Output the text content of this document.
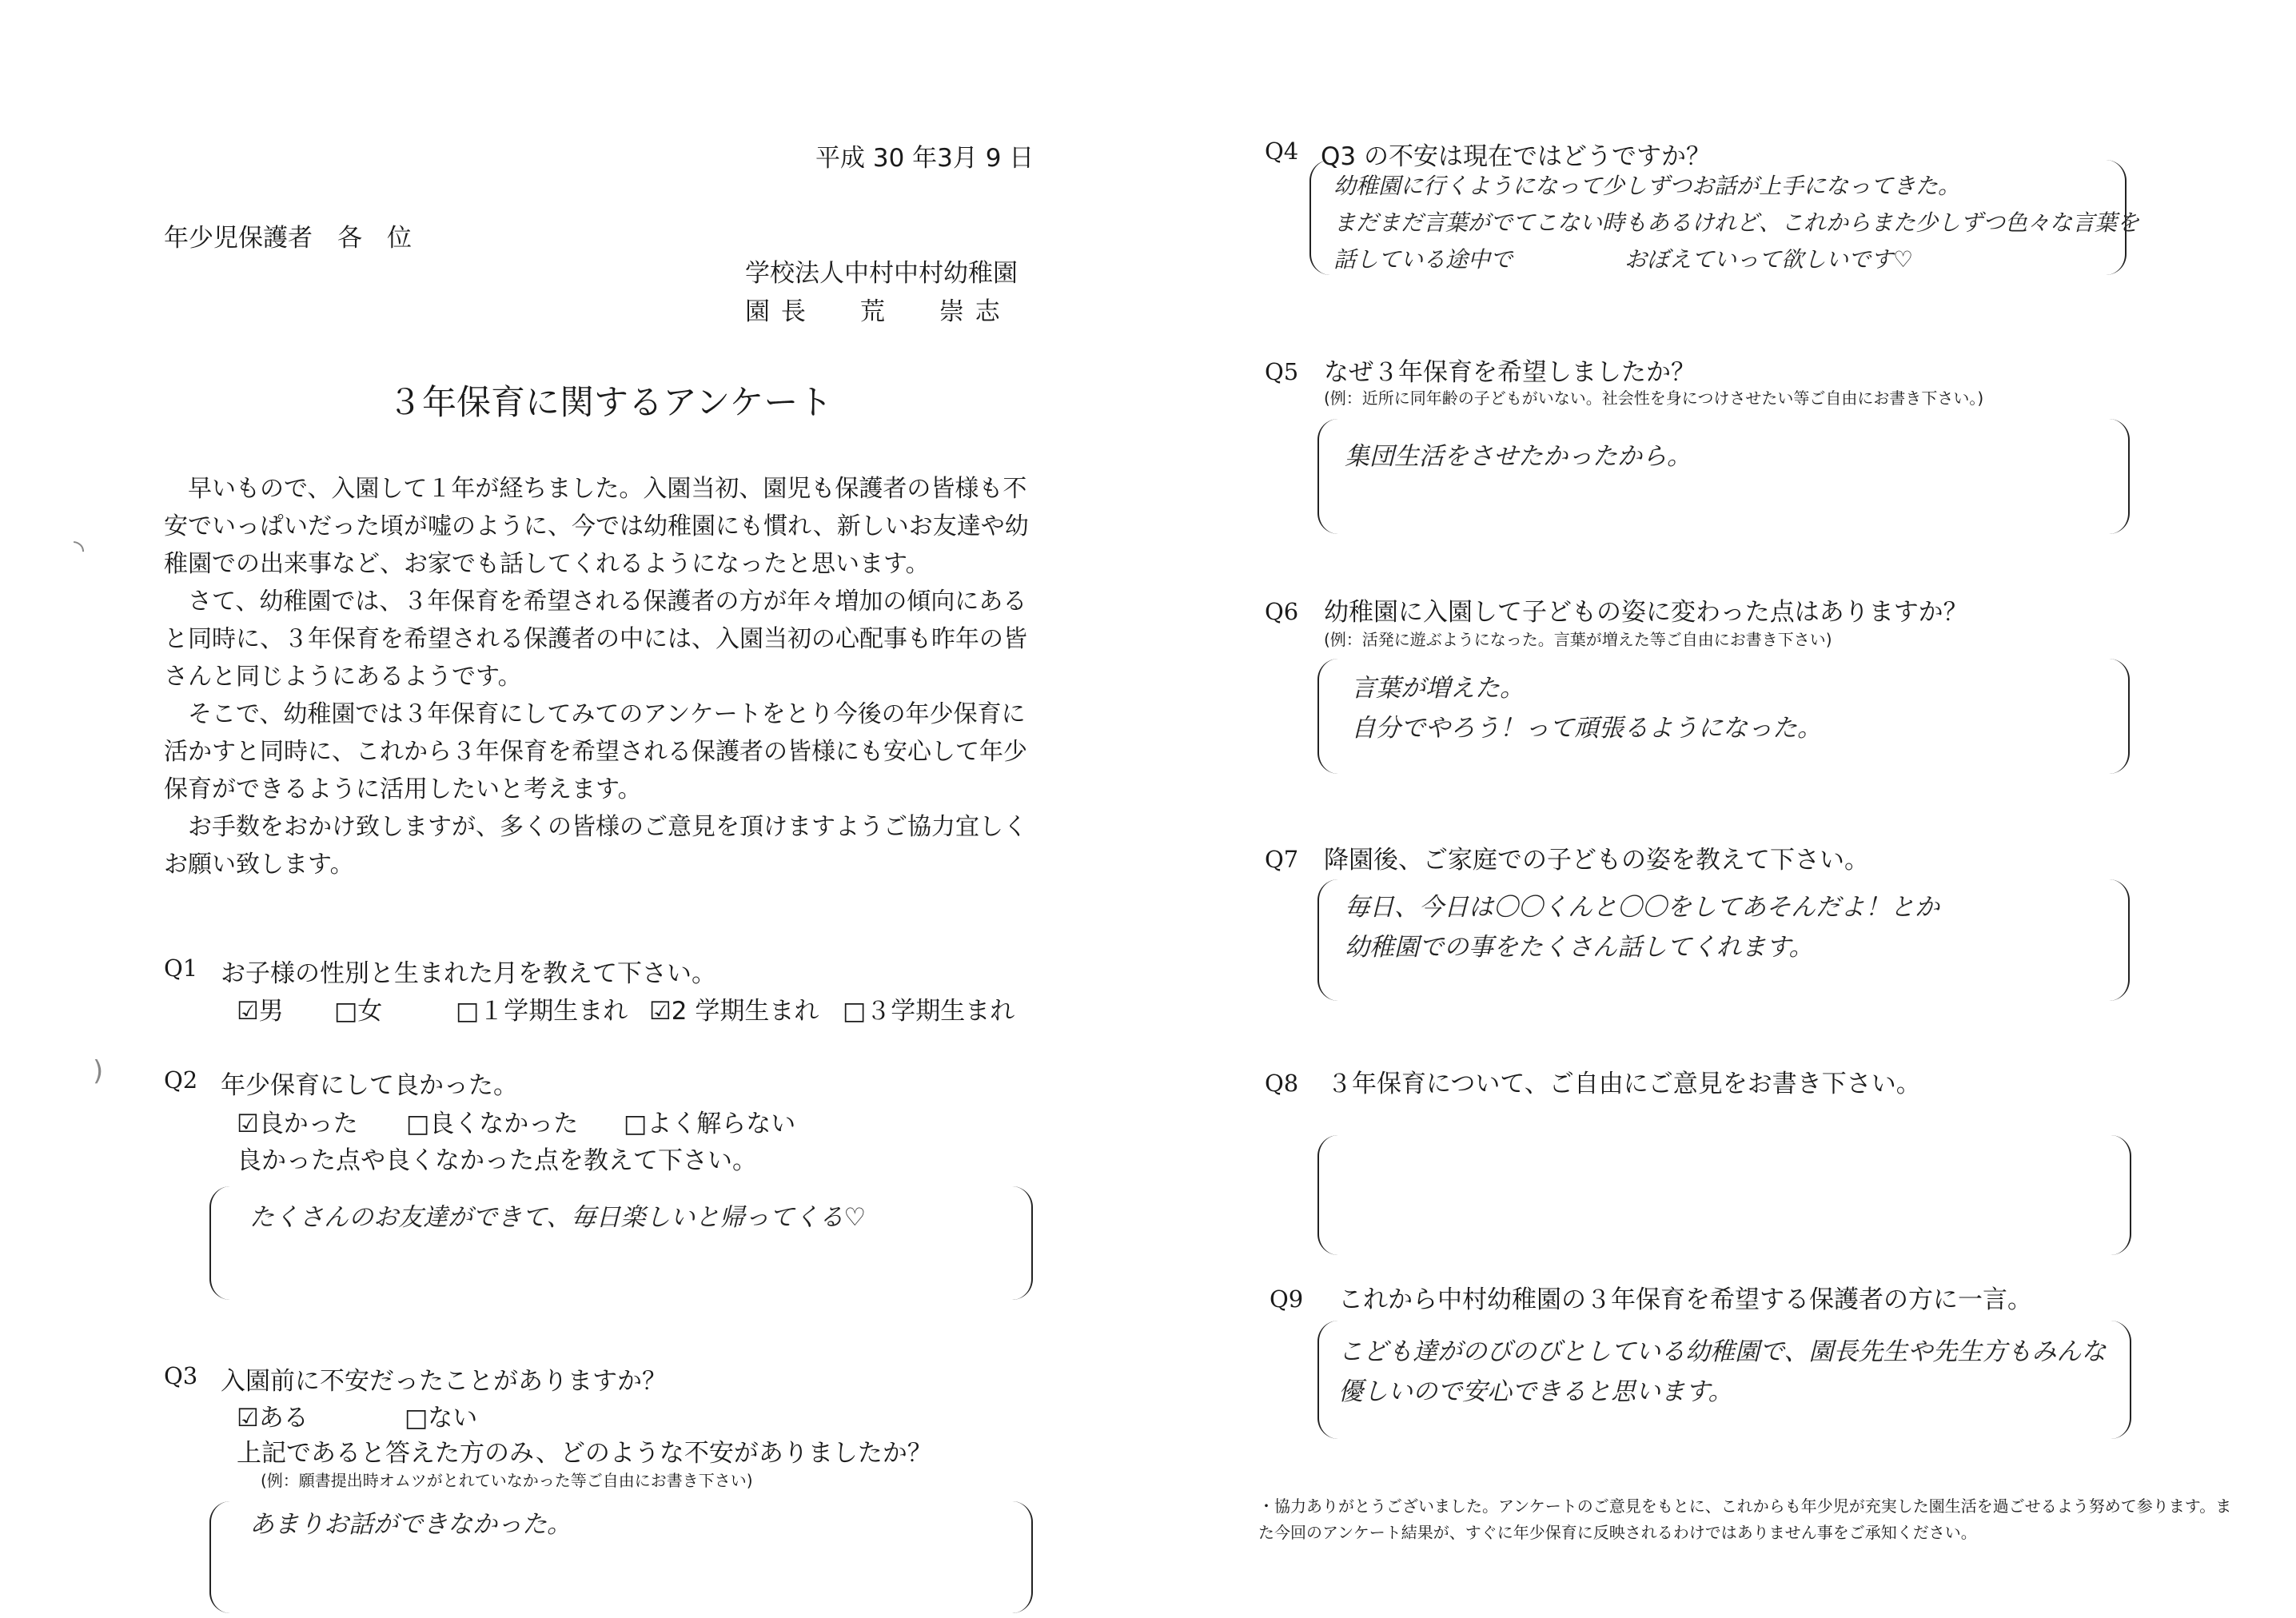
平成 30 年3月 9 日
年少児保護者　各　位
学校法人中村中村幼稚園
園 長　　荒　　崇 志
３年保育に関するアンケート

　早いもので、入園して１年が経ちました。入園当初、園児も保護者の皆様も不安でいっぱいだった頃が嘘のように、今では幼稚園にも慣れ、新しいお友達や幼稚園での出来事など、お家でも話してくれるようになったと思います。

　さて、幼稚園では、３年保育を希望される保護者の方が年々増加の傾向にあると同時に、３年保育を希望される保護者の中には、入園当初の心配事も昨年の皆さんと同じようにあるようです。

　そこで、幼稚園では３年保育にしてみてのアンケートをとり今後の年少保育に活かすと同時に、これから３年保育を希望される保護者の皆様にも安心して年少保育ができるように活用したいと考えます。

　お手数をおかけ致しますが、多くの皆様のご意見を頂けますようご協力宜しくお願い致します。

Q1 お子様の性別と生まれた月を教えて下さい。
☑男 □女	□１学期生まれ ☑2 学期生まれ □３学期生まれ
Q2 年少保育にして良かった。
☑良かった □良くなかった □よく解らない
良かった点や良くなかった点を教えて下さい。
たくさんのお友達ができて、毎日楽しいと帰ってくる♡
Q3 入園前に不安だったことがありますか？
☑ある	□ない
上記であると答えた方のみ、どのような不安がありましたか？
(例：願書提出時オムツがとれていなかった等ご自由にお書き下さい)
あまりお話ができなかった。
◝
)
Q4 Q3 の不安は現在ではどうですか？
幼稚園に行くようになって少しずつお話が上手になってきた。
まだまだ言葉がでてこない時もあるけれど、これからまた少しずつ色々な言葉を
話している途中で　　　　　おぼえていって欲しいです♡
Q5 なぜ３年保育を希望しましたか？
(例：近所に同年齢の子どもがいない。社会性を身につけさせたい等ご自由にお書き下さい。)
集団生活をさせたかったから。
Q6 幼稚園に入園して子どもの姿に変わった点はありますか？
(例：活発に遊ぶようになった。言葉が増えた等ご自由にお書き下さい)
言葉が増えた。
自分でやろう！って頑張るようになった。
Q7 降園後、ご家庭での子どもの姿を教えて下さい。
毎日、今日は〇〇くんと〇〇をしてあそんだよ！とか
幼稚園での事をたくさん話してくれます。
Q8 ３年保育について、ご自由にご意見をお書き下さい。
Q9 これから中村幼稚園の３年保育を希望する保護者の方に一言。
こども達がのびのびとしている幼稚園で、園長先生や先生方もみんな
優しいので安心できると思います。
・協力ありがとうございました。アンケートのご意見をもとに、これからも年少児が充実した園生活を過ごせるよう努めて参ります。また今回のアンケート結果が、すぐに年少保育に反映されるわけではありません事をご承知ください。
